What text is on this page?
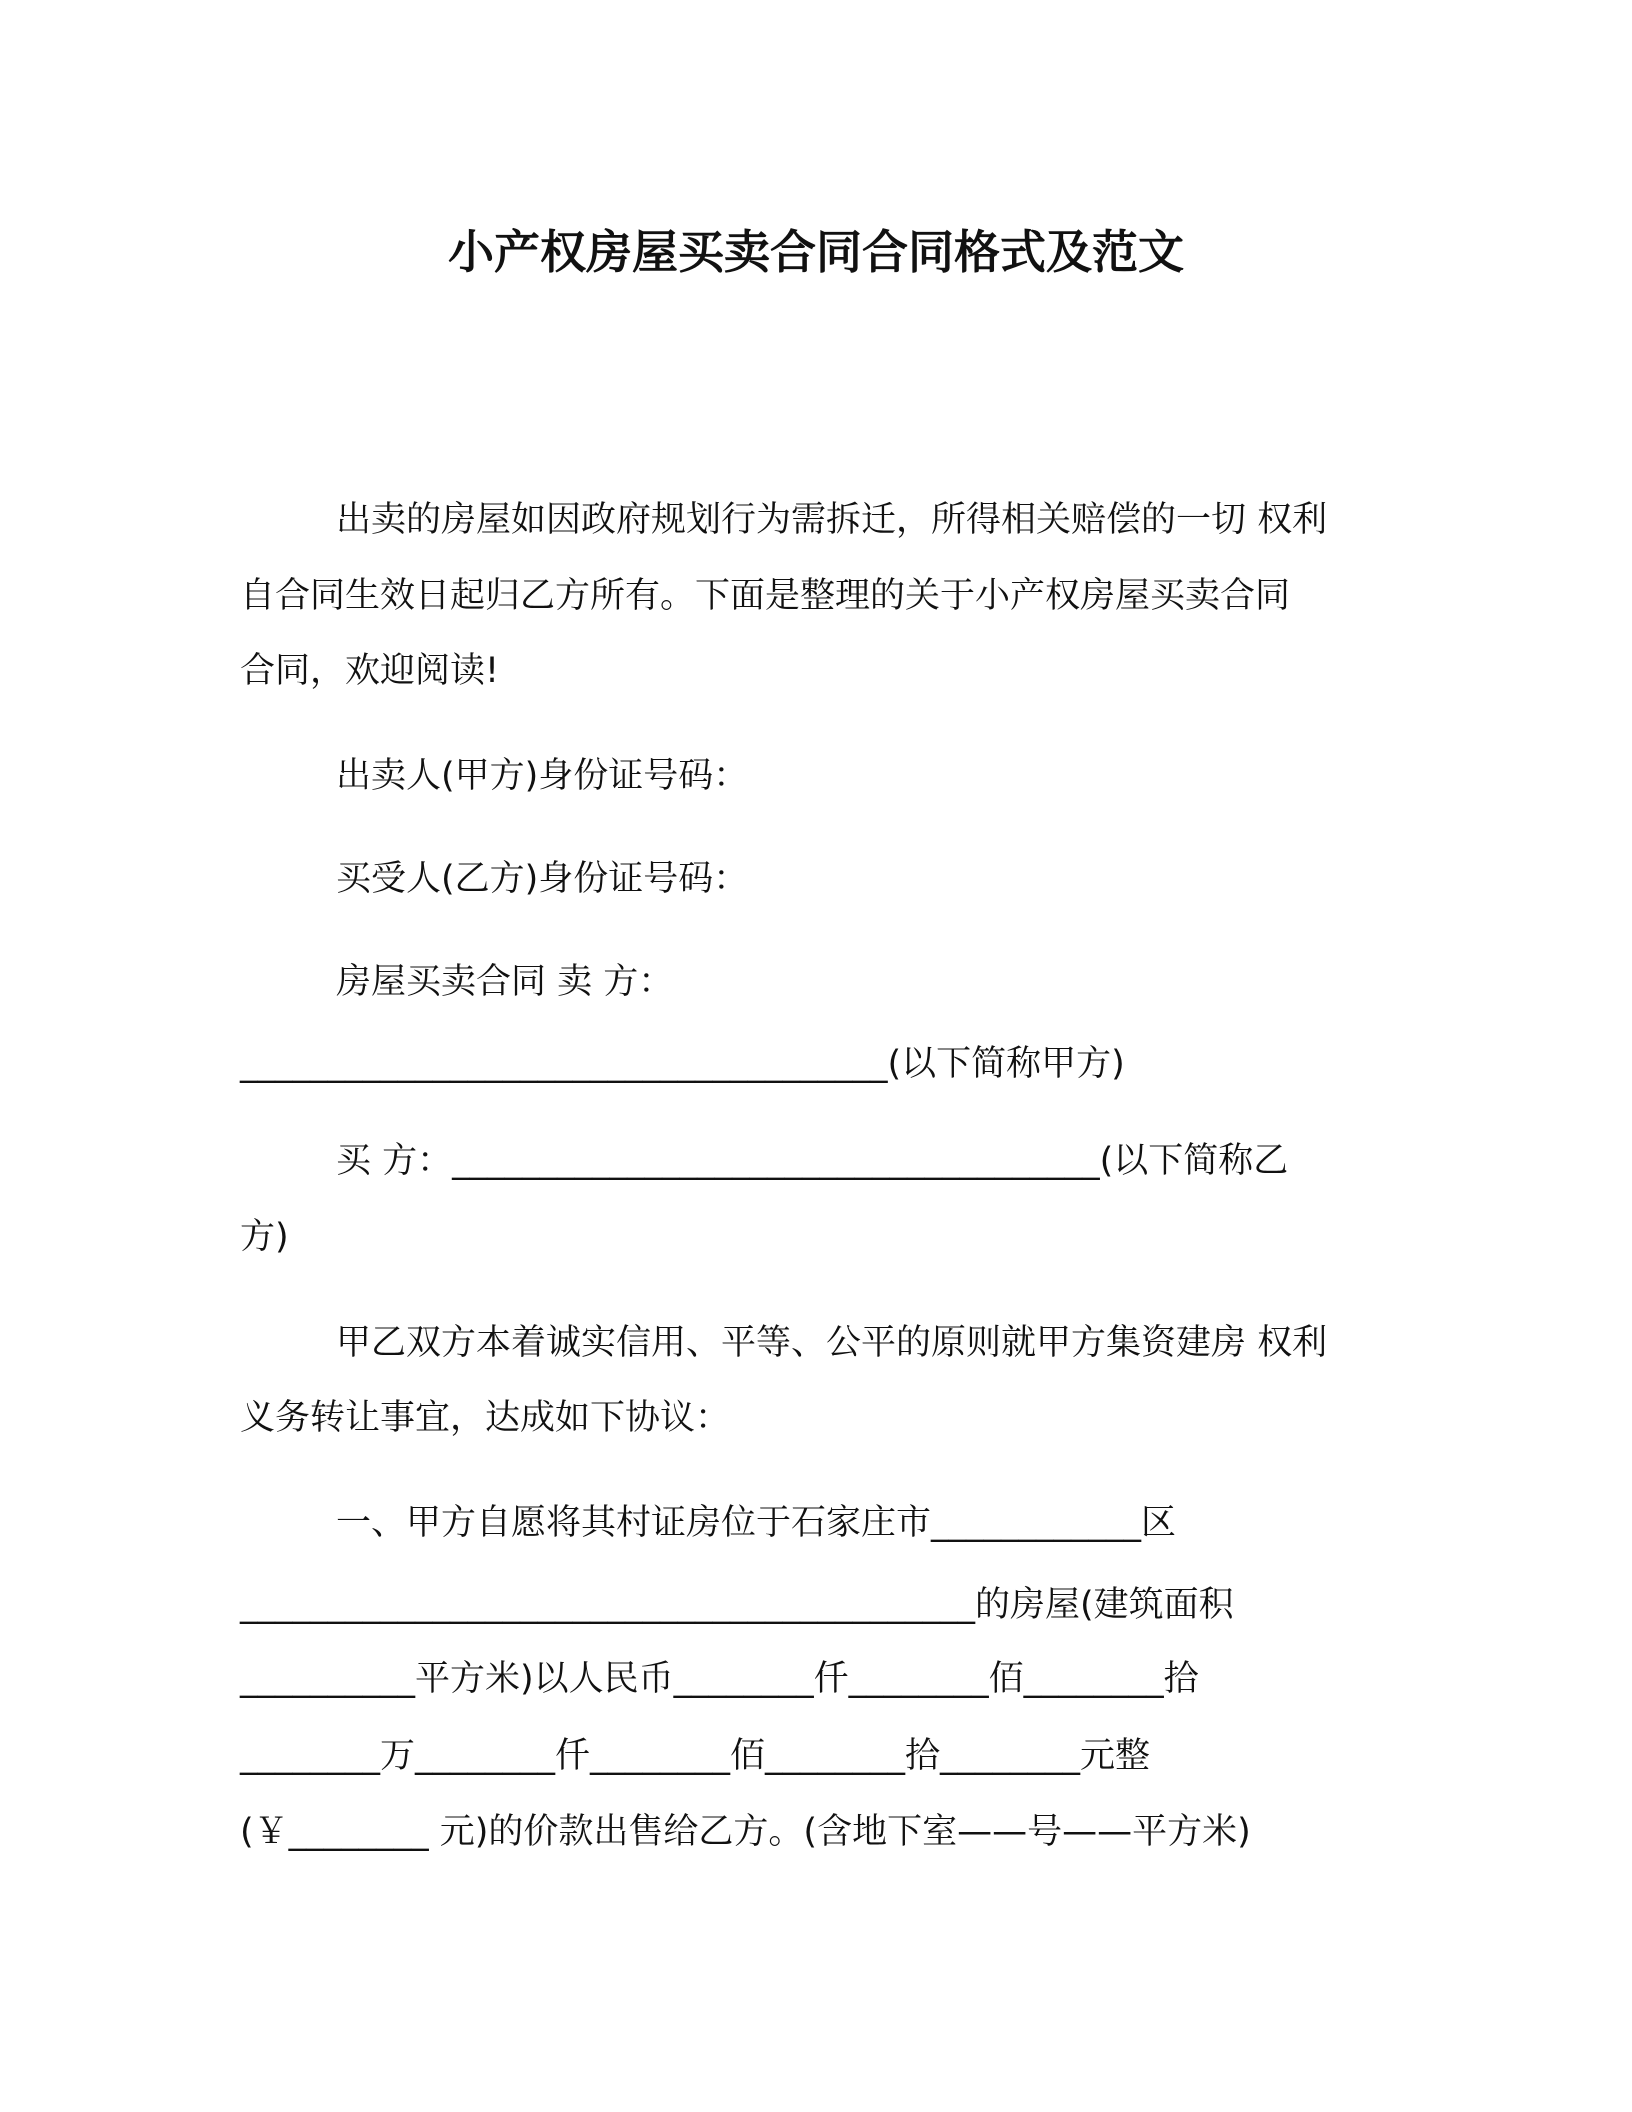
小产权房屋买卖合同合同格式及范文
出卖的房屋如因政府规划行为需拆迁，所得相关赔偿的一切 权利
自合同生效日起归乙方所有。下面是整理的关于小产权房屋买卖合同
合同，欢迎阅读!
出卖人(甲方)身份证号码：
买受人(乙方)身份证号码：
房屋买卖合同 卖 方：
_____________________________________(以下简称甲方)
买 方：_____________________________________(以下简称乙
方)
甲乙双方本着诚实信用、平等、公平的原则就甲方集资建房 权利
义务转让事宜，达成如下协议：
一、甲方自愿将其村证房位于石家庄市____________区
__________________________________________的房屋(建筑面积
__________平方米)以人民币________仟________佰________拾
________万________仟________佰________拾________元整
(￥________ 元)的价款出售给乙方。(含地下室——号——平方米)
